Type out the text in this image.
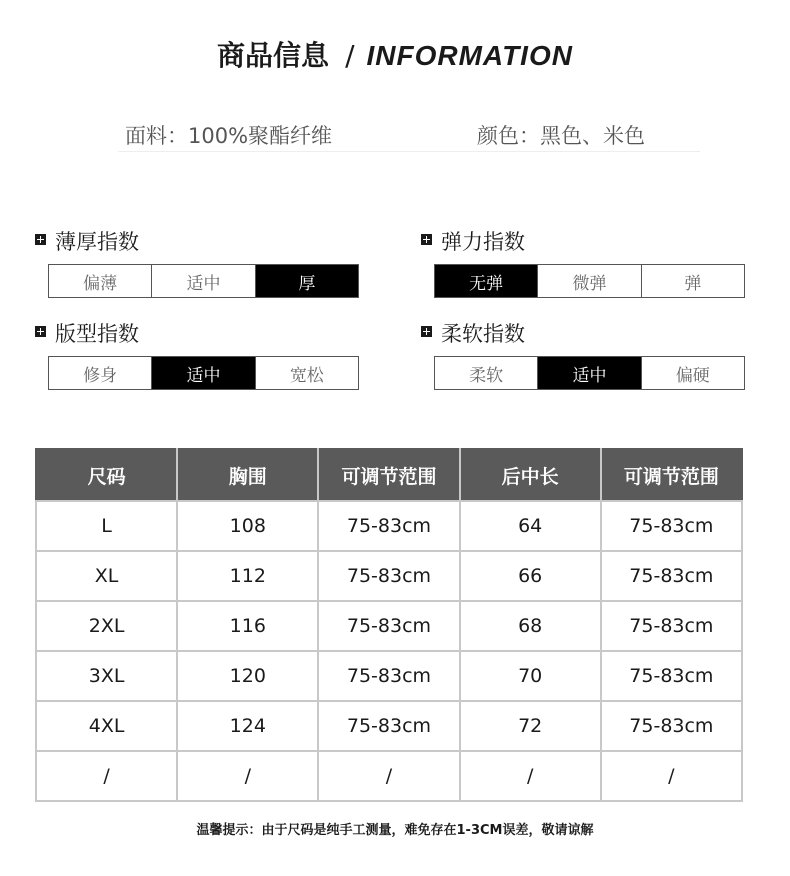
商品信息 / INFORMATION
面料：100%聚酯纤维	颜色：黑色、米色
薄厚指数
偏薄	适中	厚
弹力指数
无弹	微弹	弹
版型指数
修身	适中	宽松
柔软指数
柔软	适中	偏硬
尺码	胸围	可调节范围	后中长	可调节范围
L	108	75-83cm	64	75-83cm
XL	112	75-83cm	66	75-83cm
2XL	116	75-83cm	68	75-83cm
3XL	120	75-83cm	70	75-83cm
4XL	124	75-83cm	72	75-83cm
/	/	/	/	/
温馨提示：由于尺码是纯手工测量，难免存在1-3CM误差，敬请谅解
